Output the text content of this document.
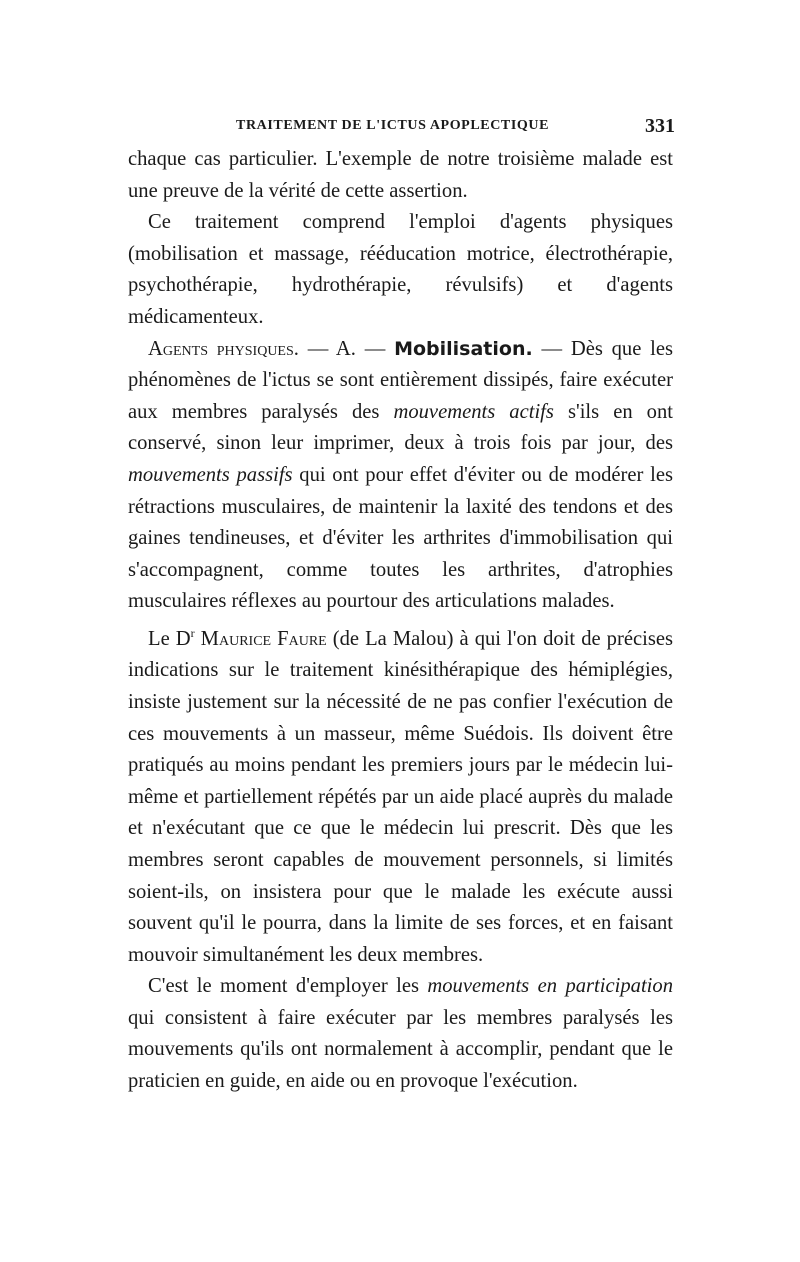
TRAITEMENT DE L'ICTUS APOPLECTIQUE	331

chaque cas particulier. L'exemple de notre troisième malade est une preuve de la vérité de cette assertion.

Ce traitement comprend l'emploi d'agents physiques (mobilisation et massage, rééducation motrice, électrothérapie, psychothérapie, hydrothérapie, révulsifs) et d'agents médicamenteux.

Agents physiques. — A. — Mobilisation. — Dès que les phénomènes de l'ictus se sont entièrement dissipés, faire exécuter aux membres paralysés des mouvements actifs s'ils en ont conservé, sinon leur imprimer, deux à trois fois par jour, des mouvements passifs qui ont pour effet d'éviter ou de modérer les rétractions musculaires, de maintenir la laxité des tendons et des gaines tendineuses, et d'éviter les arthrites d'immobilisation qui s'accompagnent, comme toutes les arthrites, d'atrophies musculaires réflexes au pourtour des articulations malades.

Le $D^r$ Maurice Faure (de La Malou) à qui l'on doit de précises indications sur le traitement kinésithérapique des hémiplégies, insiste justement sur la nécessité de ne pas confier l'exécution de ces mouvements à un masseur, même Suédois. Ils doivent être pratiqués au moins pendant les premiers jours par le médecin lui-même et partiellement répétés par un aide placé auprès du malade et n'exécutant que ce que le médecin lui prescrit. Dès que les membres seront capables de mouvement personnels, si limités soient-ils, on insistera pour que le malade les exécute aussi souvent qu'il le pourra, dans la limite de ses forces, et en faisant mouvoir simultanément les deux membres.

C'est le moment d'employer les mouvements en participation qui consistent à faire exécuter par les membres paralysés les mouvements qu'ils ont normalement à accomplir, pendant que le praticien en guide, en aide ou en provoque l'exécution.
